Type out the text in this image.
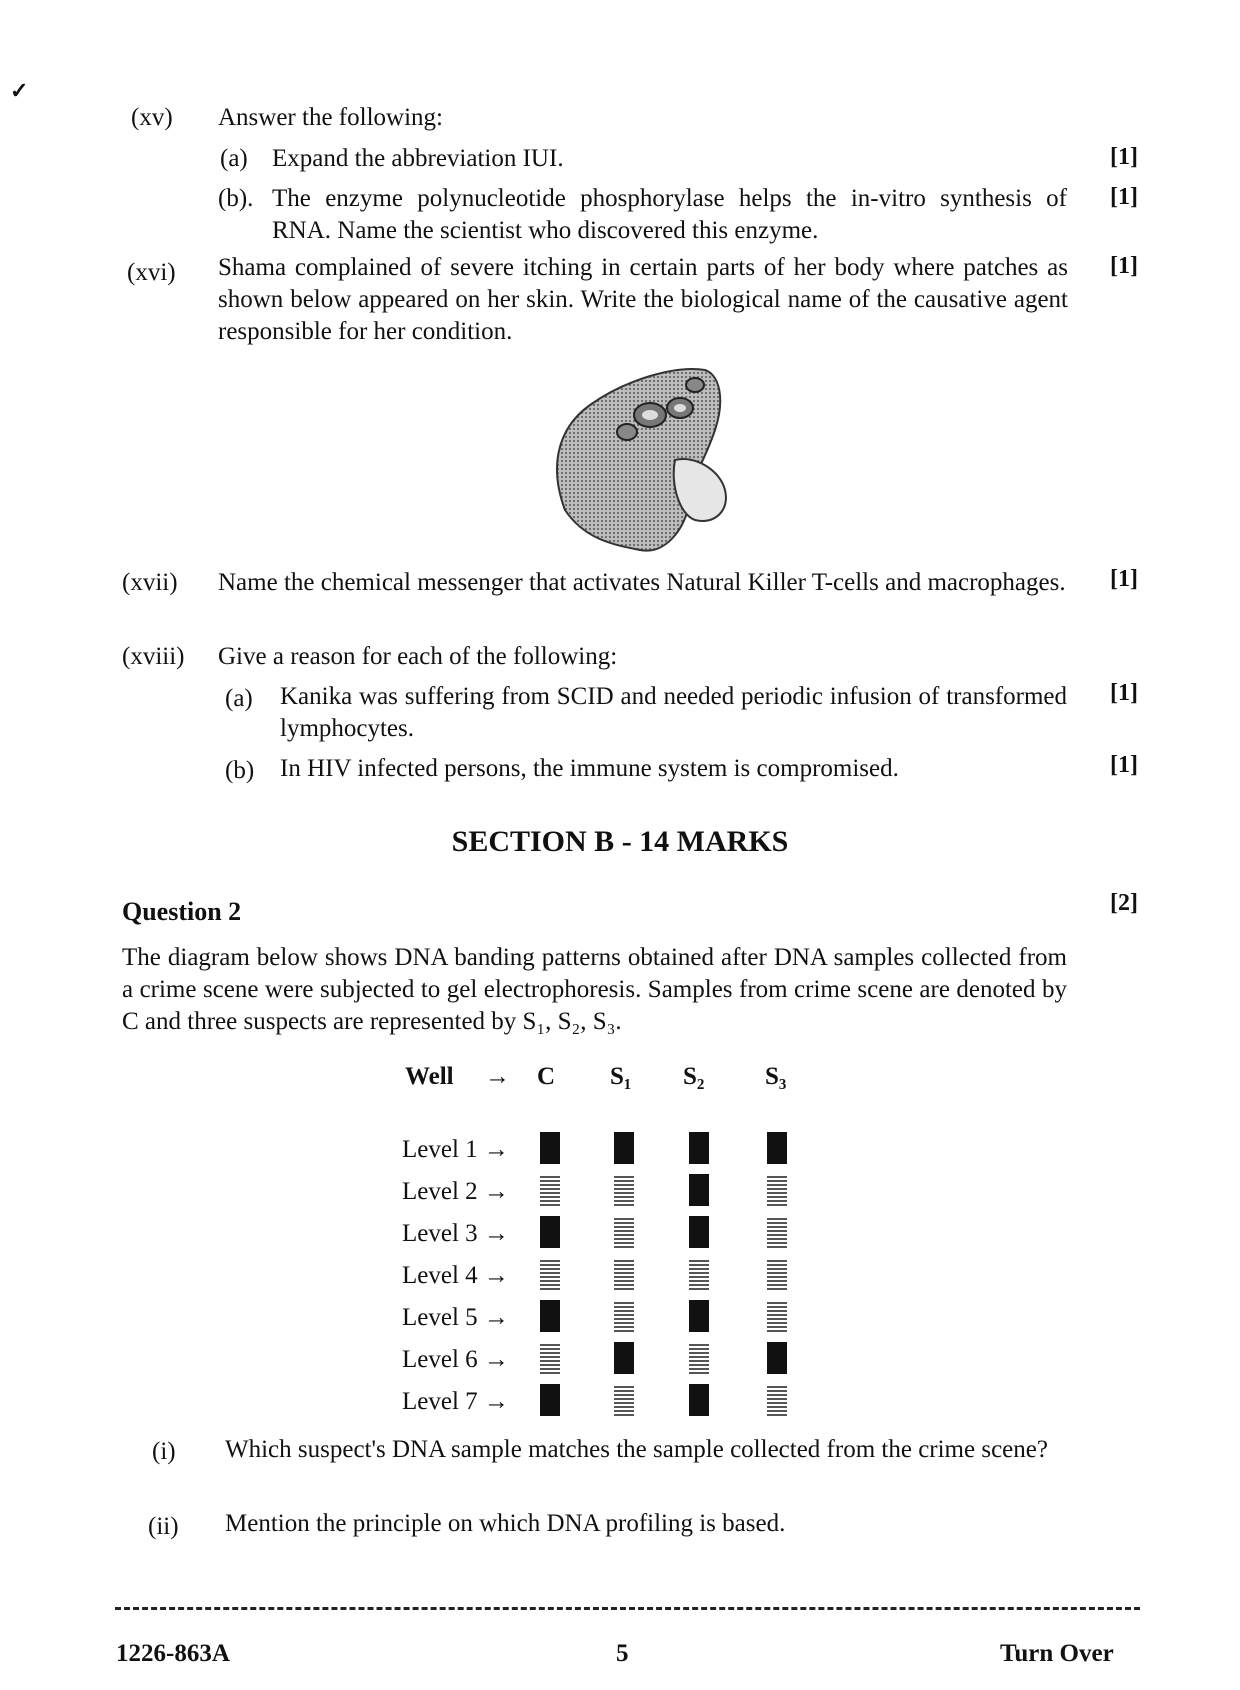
✓
(xv) Answer the following:
(a) Expand the abbreviation IUI.	[1]
(b). The enzyme polynucleotide phosphorylase helps the in-vitro synthesis of RNA. Name the scientist who discovered this enzyme.
[1]
(xvi) Shama complained of severe itching in certain parts of her body where patches as shown below appeared on her skin. Write the biological name of the causative agent responsible for her condition.
[1]
(xvii) Name the chemical messenger that activates Natural Killer T-cells and macrophages. [1]
(xviii) Give a reason for each of the following:
(a) Kanika was suffering from SCID and needed periodic infusion of transformed lymphocytes.
[1]
(b) In HIV infected persons, the immune system is compromised.	[1]
SECTION B - 14 MARKS
Question 2	[2]
The diagram below shows DNA banding patterns obtained after DNA samples collected from a crime scene were subjected to gel electrophoresis. Samples from crime scene are denoted by C and three suspects are represented by S₁, S₂, S₃.
Well → C S₁ S₂ S₃
Level 1 →
Level 2 →
Level 3 →
Level 4 →
Level 5 →
Level 6 →
Level 7 →
(i) Which suspect's DNA sample matches the sample collected from the crime scene?
(ii) Mention the principle on which DNA profiling is based.
1226-863A	5	Turn Over
